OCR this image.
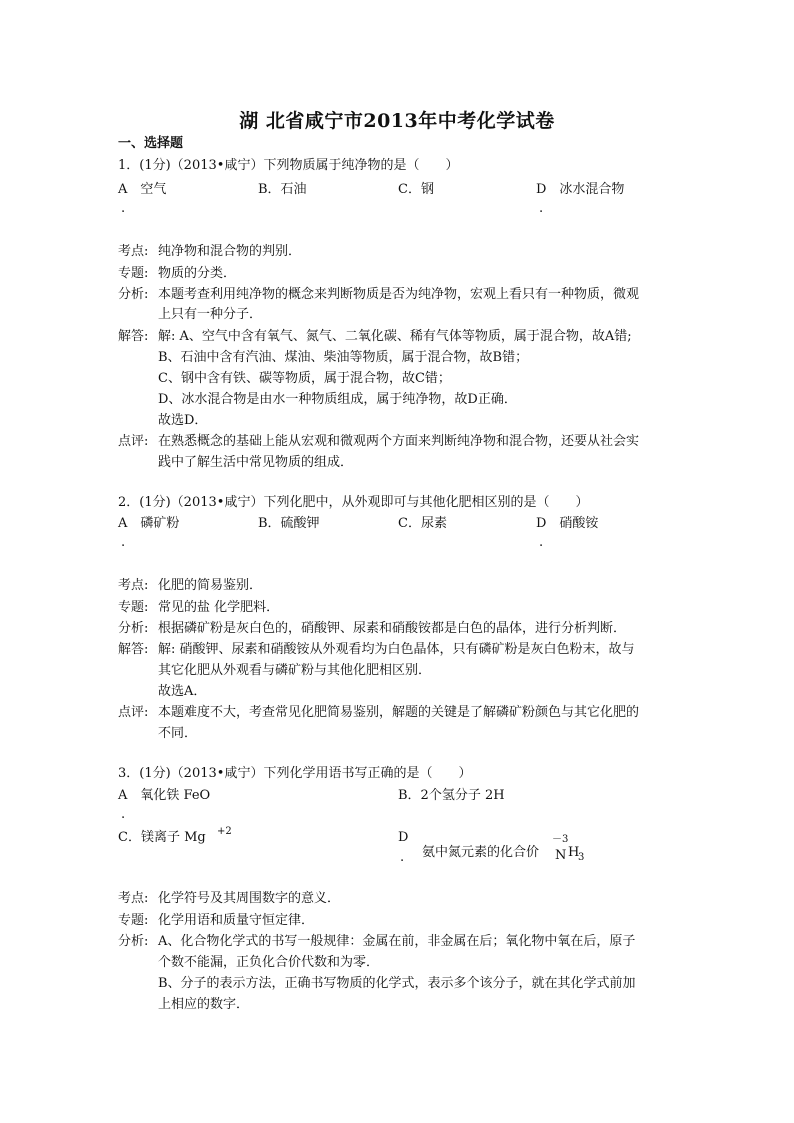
湖 北省咸宁市2013年中考化学试卷
一、选择题
1．(1分)（2013•咸宁）下列物质属于纯净物的是（　　）
A　空气	B．石油	C．钢	D　冰水混合物
.	.
考点: 纯净物和混合物的判别．
专题: 物质的分类．
分析: 本题考查利用纯净物的概念来判断物质是否为纯净物，宏观上看只有一种物质，微观
上只有一种分子．
解答: 解: A、空气中含有氧气、氮气、二氧化碳、稀有气体等物质，属于混合物，故A错;
B、石油中含有汽油、煤油、柴油等物质，属于混合物，故B错；
C、钢中含有铁、碳等物质，属于混合物，故C错；
D、冰水混合物是由水一种物质组成，属于纯净物，故D正确．
故选D．
点评: 在熟悉概念的基础上能从宏观和微观两个方面来判断纯净物和混合物，还要从社会实
践中了解生活中常见物质的组成．
2．(1分)（2013•咸宁）下列化肥中，从外观即可与其他化肥相区别的是（　　）
A　磷矿粉	B．硫酸钾	C．尿素	D　硝酸铵
.	.
考点: 化肥的简易鉴别．
专题: 常见的盐 化学肥料．
分析: 根据磷矿粉是灰白色的，硝酸钾、尿素和硝酸铵都是白色的晶体，进行分析判断．
解答: 解: 硝酸钾、尿素和硝酸铵从外观看均为白色晶体，只有磷矿粉是灰白色粉末，故与
其它化肥从外观看与磷矿粉与其他化肥相区别．
故选A．
点评: 本题难度不大，考查常见化肥简易鉴别，解题的关键是了解磷矿粉颜色与其它化肥的
不同．
3．(1分)（2013•咸宁）下列化学用语书写正确的是（　　）
A　氧化铁 FeO	B．2个氢分子 2H
.
C．镁离子 Mg +2	D
. 氨中氮元素的化合价
－3
N H
3
考点: 化学符号及其周围数字的意义．
专题: 化学用语和质量守恒定律．
分析: A、化合物化学式的书写一般规律：金属在前，非金属在后；氧化物中氧在后，原子
个数不能漏，正负化合价代数和为零．
B、分子的表示方法，正确书写物质的化学式，表示多个该分子，就在其化学式前加
上相应的数字．
